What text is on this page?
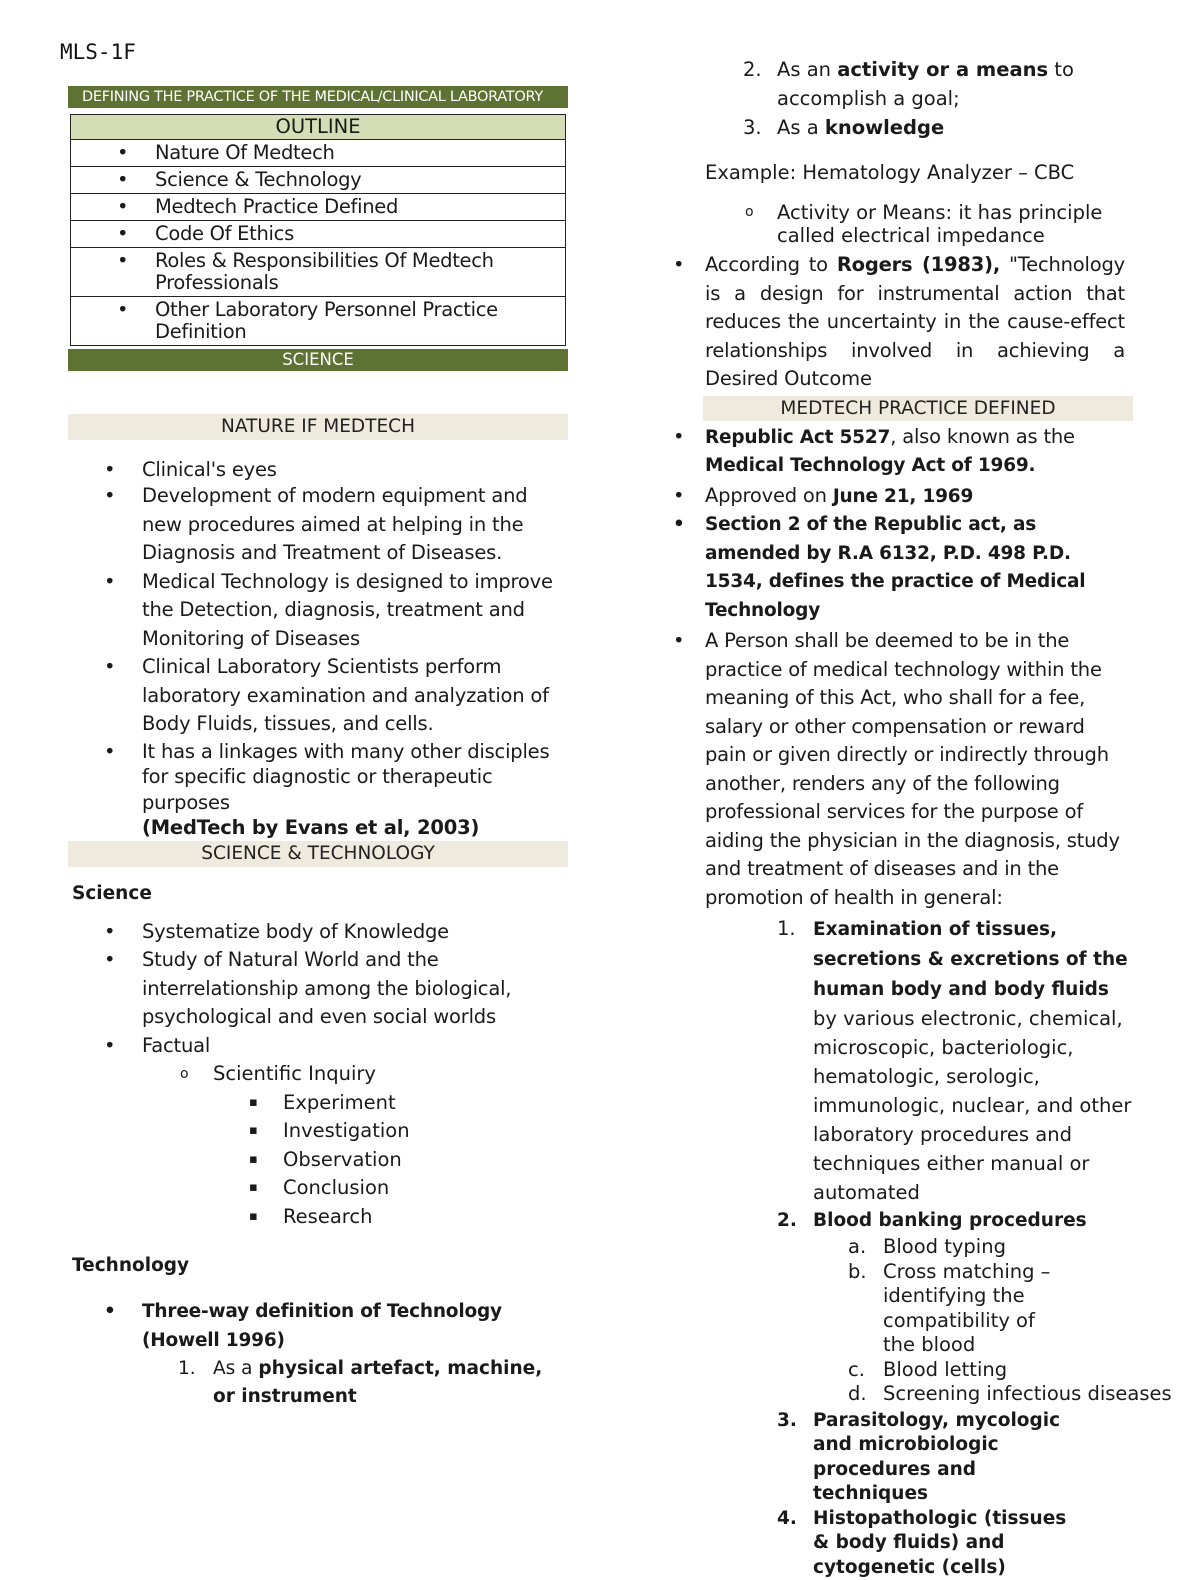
MLS-1F
DEFINING THE PRACTICE OF THE MEDICAL/CLINICAL LABORATORY
OUTLINE
• Nature Of Medtech
• Science & Technology
• Medtech Practice Defined
• Code Of Ethics
• Roles & Responsibilities Of Medtech Professionals
• Other Laboratory Personnel Practice Definition
SCIENCE
NATURE IF MEDTECH
• Clinical's eyes
• Development of modern equipment and new procedures aimed at helping in the Diagnosis and Treatment of Diseases.
• Medical Technology is designed to improve the Detection, diagnosis, treatment and Monitoring of Diseases
• Clinical Laboratory Scientists perform laboratory examination and analyzation of Body Fluids, tissues, and cells.
• It has a linkages with many other disciples for specific diagnostic or therapeutic purposes
(MedTech by Evans et al, 2003)
SCIENCE & TECHNOLOGY
Science
• Systematize body of Knowledge
• Study of Natural World and the interrelationship among the biological, psychological and even social worlds
• Factual
o Scientific Inquiry
▪ Experiment
▪ Investigation
▪ Observation
▪ Conclusion
▪ Research
Technology
• Three-way definition of Technology (Howell 1996)
1. As a physical artefact, machine, or instrument
2. As an activity or a means to accomplish a goal;
3. As a knowledge
Example: Hematology Analyzer – CBC
o Activity or Means: it has principle called electrical impedance
• According to Rogers (1983), "Technology is a design for instrumental action that reduces the uncertainty in the cause-effect relationships involved in achieving a Desired Outcome
MEDTECH PRACTICE DEFINED
• Republic Act 5527, also known as the
Medical Technology Act of 1969.
• Approved on June 21, 1969
• Section 2 of the Republic act, as amended by R.A 6132, P.D. 498 P.D. 1534, defines the practice of Medical Technology
• A Person shall be deemed to be in the practice of medical technology within the meaning of this Act, who shall for a fee, salary or other compensation or reward pain or given directly or indirectly through another, renders any of the following professional services for the purpose of aiding the physician in the diagnosis, study and treatment of diseases and in the promotion of health in general:
1. Examination of tissues, secretions & excretions of the human body and body fluids by various electronic, chemical, microscopic, bacteriologic, hematologic, serologic, immunologic, nuclear, and other laboratory procedures and techniques either manual or automated
2. Blood banking procedures
a. Blood typing
b. Cross matching – identifying the compatibility of the blood
c. Blood letting
d. Screening infectious diseases
3. Parasitology, mycologic and microbiologic procedures and techniques
4. Histopathologic (tissues & body fluids) and cytogenetic (cells)
